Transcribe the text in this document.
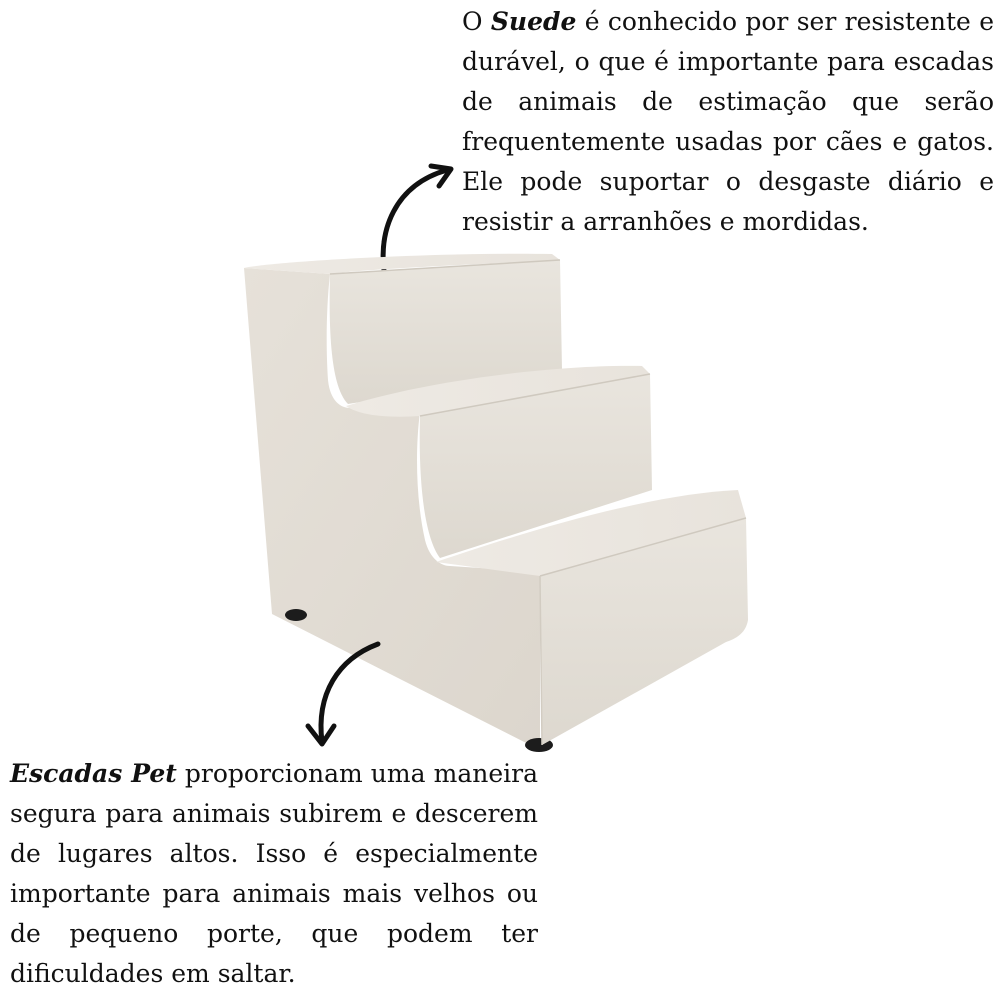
O Suede é conhecido por ser resistente e durável, o que é importante para escadas de animais de estimação que serão frequentemente usadas por cães e gatos. Ele pode suportar o desgaste diário e resistir a arranhões e mordidas.
Escadas Pet proporcionam uma maneira segura para animais subirem e descerem de lugares altos. Isso é especialmente importante para animais mais velhos ou de pequeno porte, que podem ter dificuldades em saltar.
